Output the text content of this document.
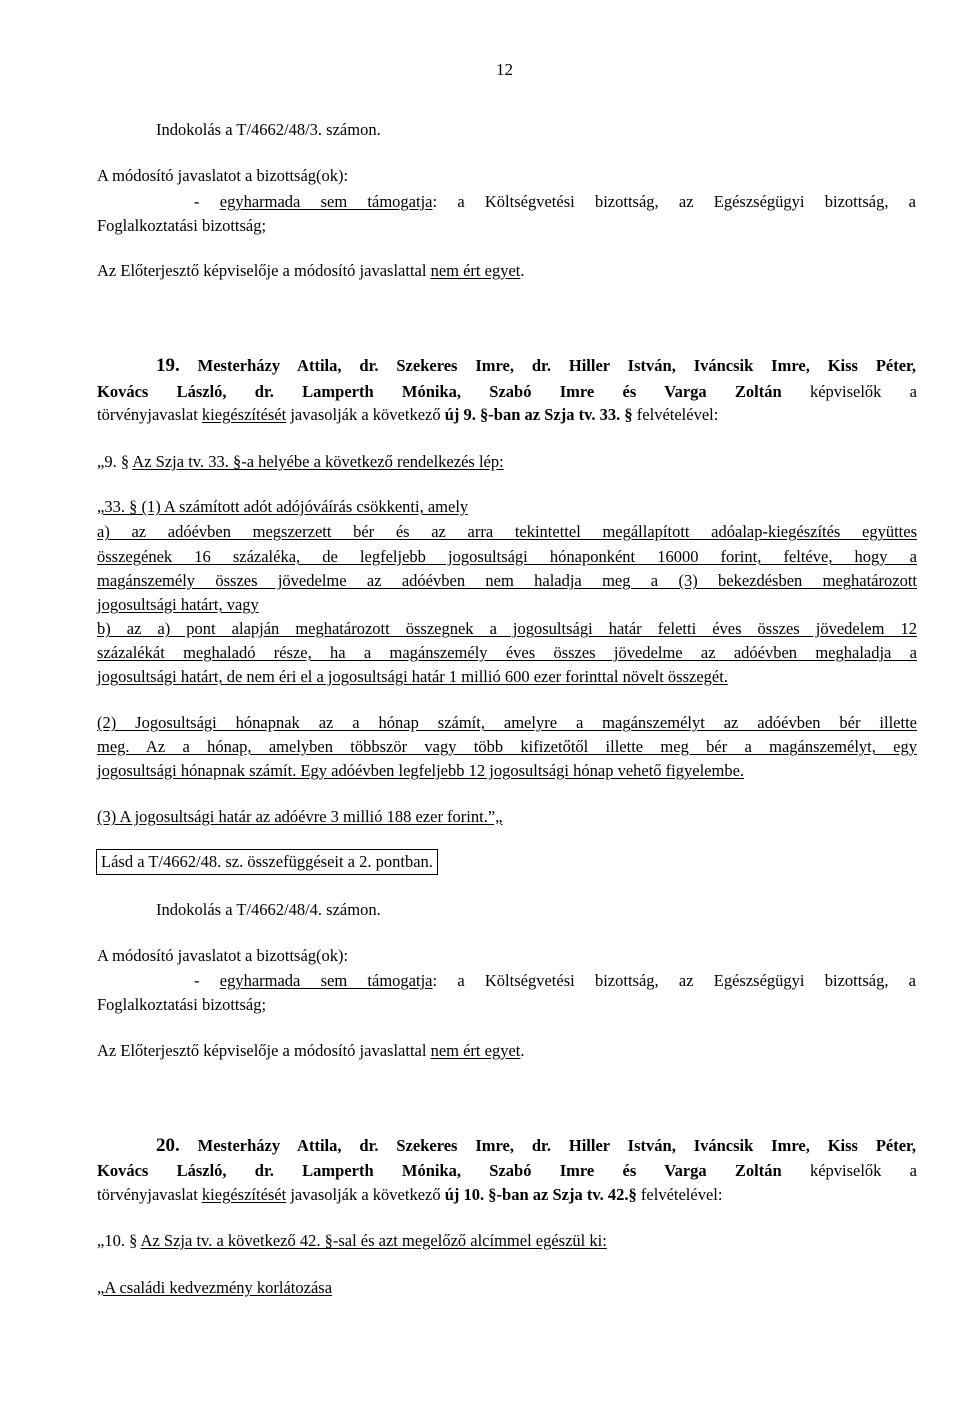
12
Indokolás a T/4662/48/3. számon.
A módosító javaslatot a bizottság(ok):
- egyharmada sem támogatja: a Költségvetési bizottság, az Egészségügyi bizottság, a
Foglalkoztatási bizottság;
Az Előterjesztő képviselője a módosító javaslattal nem ért egyet.
19. Mesterházy Attila, dr. Szekeres Imre, dr. Hiller István, Iváncsik Imre, Kiss Péter,
Kovács László, dr. Lamperth Mónika, Szabó Imre és Varga Zoltán képviselők a
törvényjavaslat kiegészítését javasolják a következő új 9. §-ban az Szja tv. 33. § felvételével:
„9. § Az Szja tv. 33. §-a helyébe a következő rendelkezés lép:
„33. § (1) A számított adót adójóváírás csökkenti, amely
a) az adóévben megszerzett bér és az arra tekintettel megállapított adóalap-kiegészítés együttes
összegének 16 százaléka, de legfeljebb jogosultsági hónaponként 16000 forint, feltéve, hogy a
magánszemély összes jövedelme az adóévben nem haladja meg a (3) bekezdésben meghatározott
jogosultsági határt, vagy
b) az a) pont alapján meghatározott összegnek a jogosultsági határ feletti éves összes jövedelem 12
százalékát meghaladó része, ha a magánszemély éves összes jövedelme az adóévben meghaladja a
jogosultsági határt, de nem éri el a jogosultsági határ 1 millió 600 ezer forinttal növelt összegét.
(2) Jogosultsági hónapnak az a hónap számít, amelyre a magánszemélyt az adóévben bér illette
meg. Az a hónap, amelyben többször vagy több kifizetőtől illette meg bér a magánszemélyt, egy
jogosultsági hónapnak számít. Egy adóévben legfeljebb 12 jogosultsági hónap vehető figyelembe.
(3) A jogosultsági határ az adóévre 3 millió 188 ezer forint.”„
Lásd a T/4662/48. sz. összefüggéseit a 2. pontban.
Indokolás a T/4662/48/4. számon.
A módosító javaslatot a bizottság(ok):
- egyharmada sem támogatja: a Költségvetési bizottság, az Egészségügyi bizottság, a
Foglalkoztatási bizottság;
Az Előterjesztő képviselője a módosító javaslattal nem ért egyet.
20. Mesterházy Attila, dr. Szekeres Imre, dr. Hiller István, Iváncsik Imre, Kiss Péter,
Kovács László, dr. Lamperth Mónika, Szabó Imre és Varga Zoltán képviselők a
törvényjavaslat kiegészítését javasolják a következő új 10. §-ban az Szja tv. 42.§ felvételével:
„10. § Az Szja tv. a következő 42. §-sal és azt megelőző alcímmel egészül ki:
„A családi kedvezmény korlátozása
